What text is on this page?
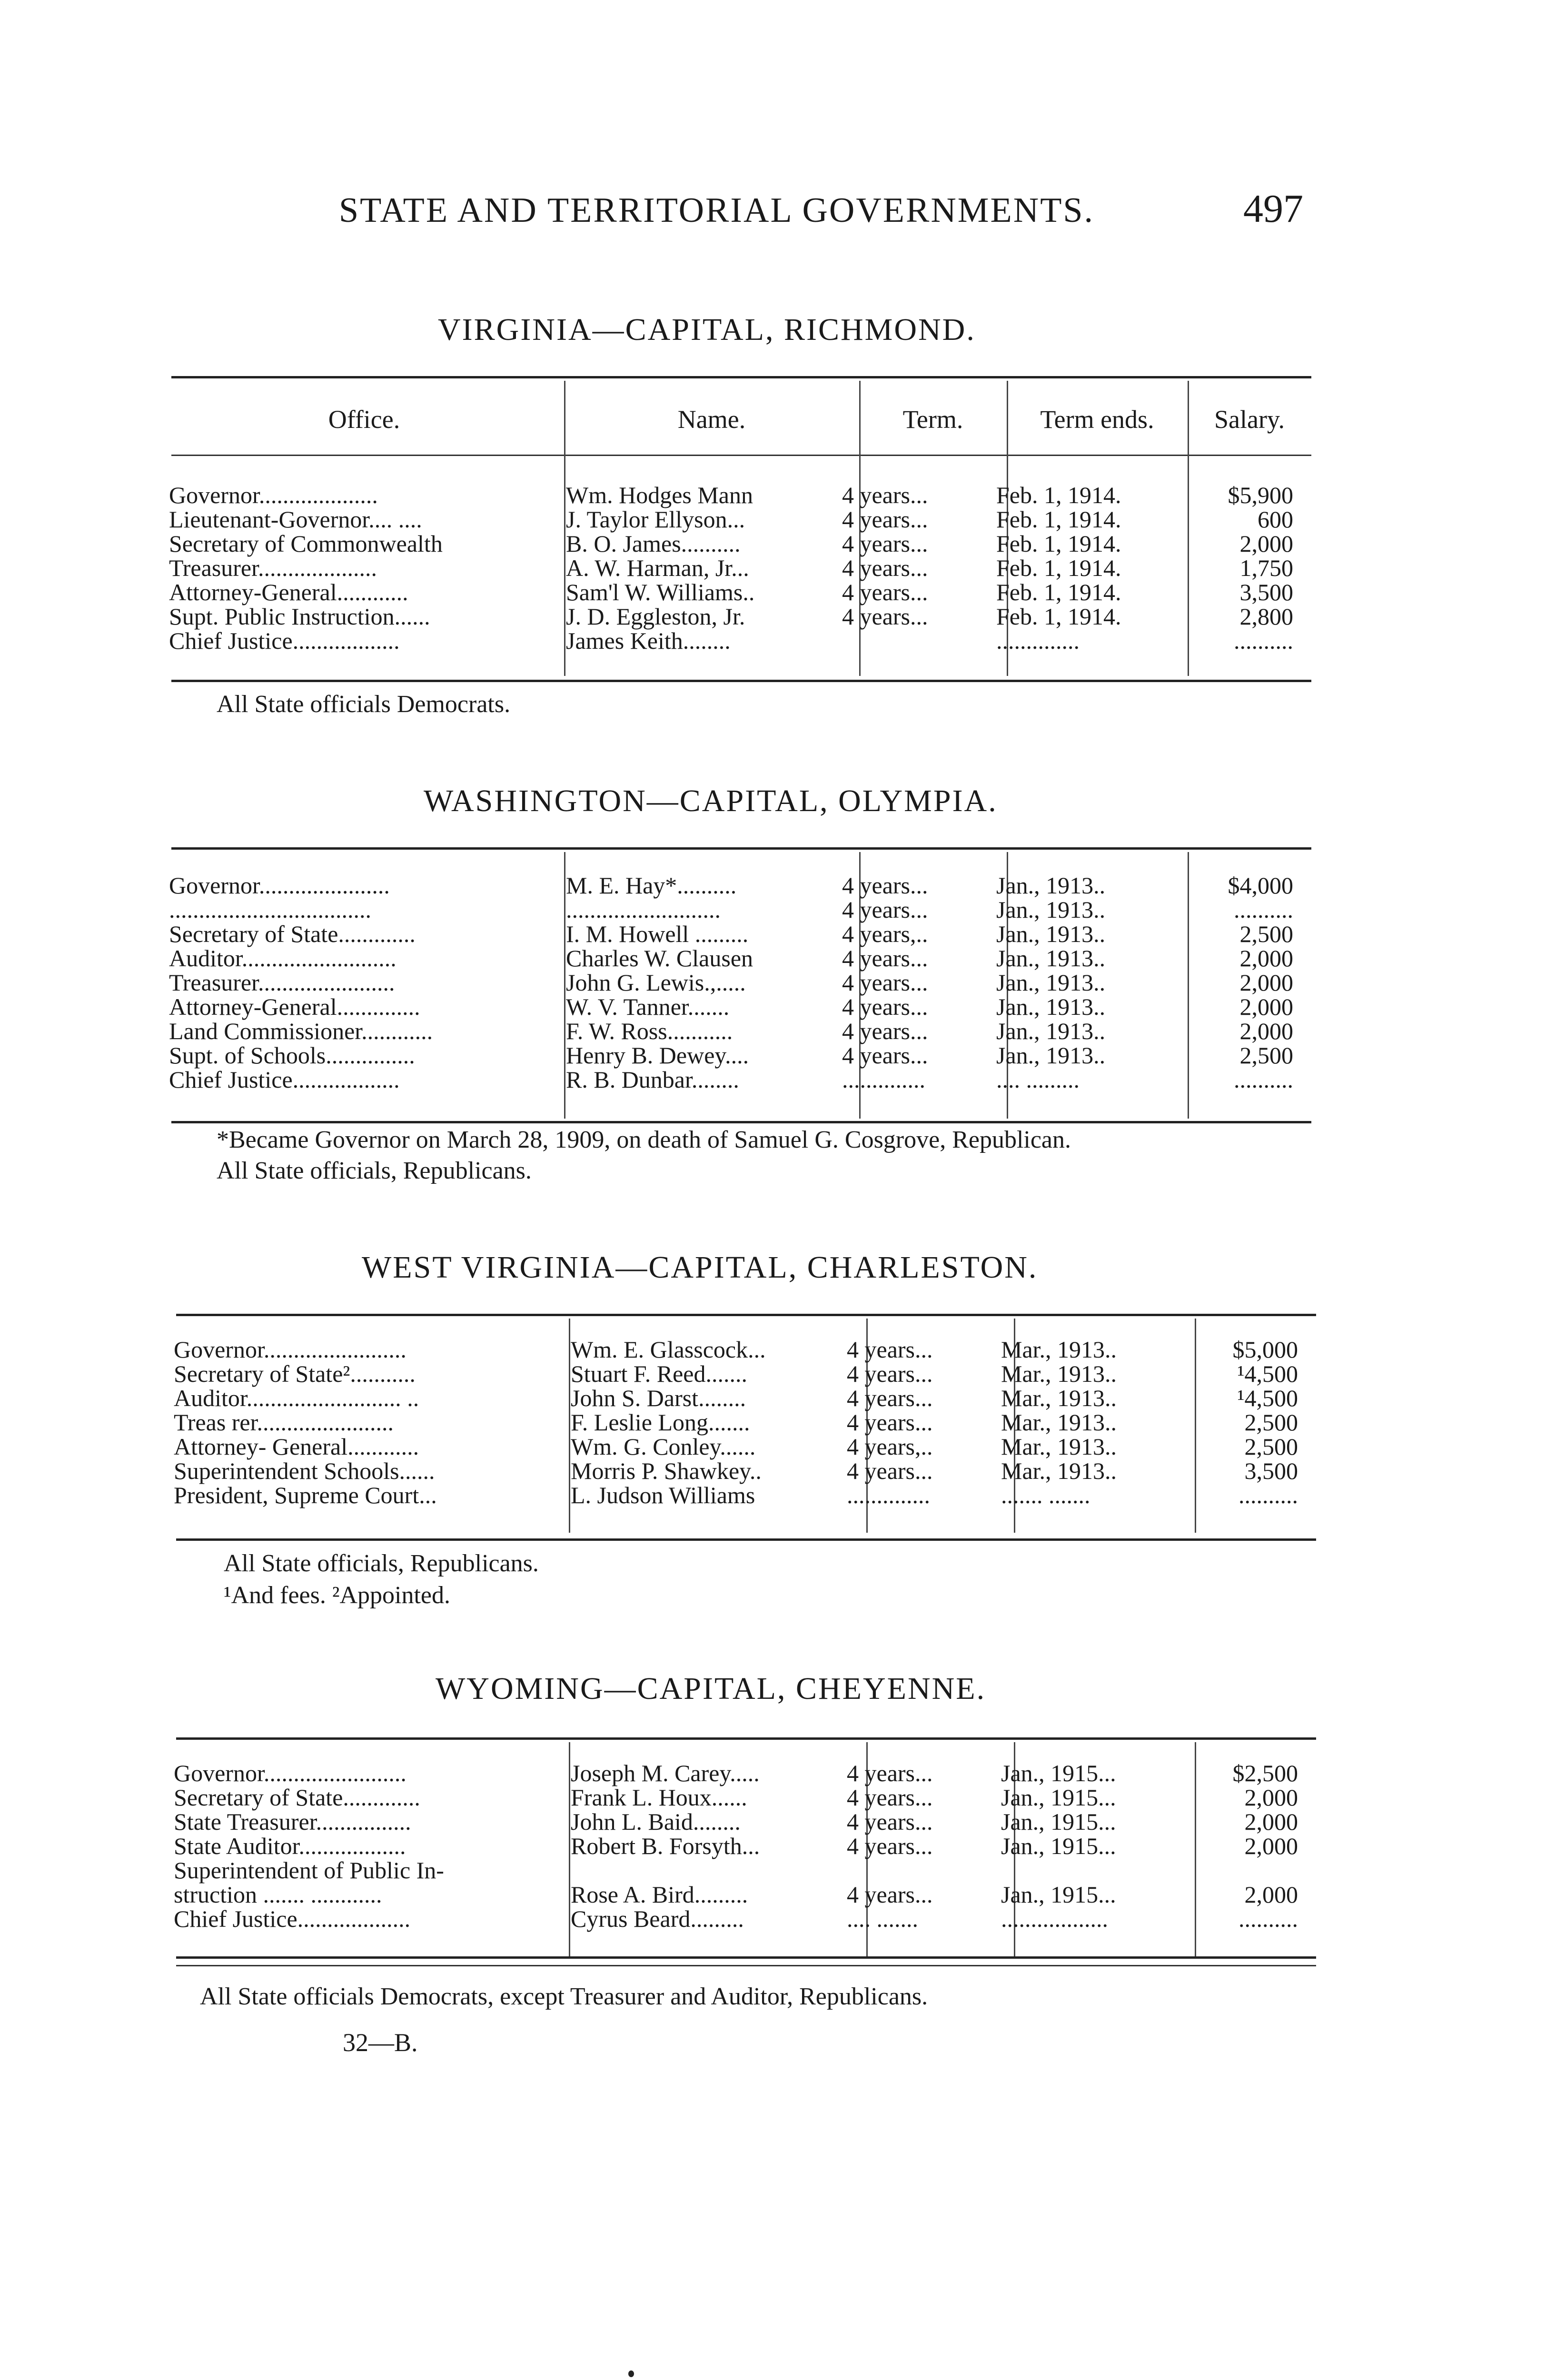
STATE AND TERRITORIAL GOVERNMENTS.	497
VIRGINIA—CAPITAL, RICHMOND.
Office.	Name.	Term.	Term ends.	Salary.
Governor....................	Wm. Hodges Mann	4 years...	Feb. 1, 1914.	$5,900
Lieutenant-Governor.... ....	J. Taylor Ellyson...	4 years...	Feb. 1, 1914.	600
Secretary of Commonwealth	B. O. James..........	4 years...	Feb. 1, 1914.	2,000
Treasurer....................	A. W. Harman, Jr...	4 years...	Feb. 1, 1914.	1,750
Attorney-General............	Sam'l W. Williams..	4 years...	Feb. 1, 1914.	3,500
Supt. Public Instruction......	J. D. Eggleston, Jr.	4 years...	Feb. 1, 1914.	2,800
Chief Justice..................	James Keith........		..............	..........
All State officials Democrats.
WASHINGTON—CAPITAL, OLYMPIA.
Governor......................	M. E. Hay*..........	4 years...	Jan., 1913..	$4,000
..................................	..........................	4 years...	Jan., 1913..	..........
Secretary of State.............	I. M. Howell .........	4 years,..	Jan., 1913..	2,500
Auditor..........................	Charles W. Clausen	4 years...	Jan., 1913..	2,000
Treasurer.......................	John G. Lewis.,.....	4 years...	Jan., 1913..	2,000
Attorney-General..............	W. V. Tanner.......	4 years...	Jan., 1913..	2,000
Land Commissioner............	F. W. Ross...........	4 years...	Jan., 1913..	2,000
Supt. of Schools...............	Henry B. Dewey....	4 years...	Jan., 1913..	2,500
Chief Justice..................	R. B. Dunbar........	..............	.... .........	..........
*Became Governor on March 28, 1909, on death of Samuel G. Cosgrove, Republican.
All State officials, Republicans.
WEST VIRGINIA—CAPITAL, CHARLESTON.
Governor........................	Wm. E. Glasscock...	4 years...	Mar., 1913..	$5,000
Secretary of State²...........	Stuart F. Reed.......	4 years...	Mar., 1913..	¹4,500
Auditor.......................... ..	John S. Darst........	4 years...	Mar., 1913..	¹4,500
Treas rer.......................	F. Leslie Long.......	4 years...	Mar., 1913..	2,500
Attorney- General............	Wm. G. Conley......	4 years,..	Mar., 1913..	2,500
Superintendent Schools......	Morris P. Shawkey..	4 years...	Mar., 1913..	3,500
President, Supreme Court...	L. Judson Williams	..............	....... .......	..........
All State officials, Republicans.
¹And fees. ²Appointed.
WYOMING—CAPITAL, CHEYENNE.
Governor........................	Joseph M. Carey.....	4 years...	Jan., 1915...	$2,500
Secretary of State.............	Frank L. Houx......	4 years...	Jan., 1915...	2,000
State Treasurer................	John L. Baid........	4 years...	Jan., 1915...	2,000
State Auditor..................	Robert B. Forsyth...	4 years...	Jan., 1915...	2,000
Superintendent of Public In-				
struction ....... ............	Rose A. Bird.........	4 years...	Jan., 1915...	2,000
Chief Justice...................	Cyrus Beard.........	.... .......	..................	..........
All State officials Democrats, except Treasurer and Auditor, Republicans.
32—B.
